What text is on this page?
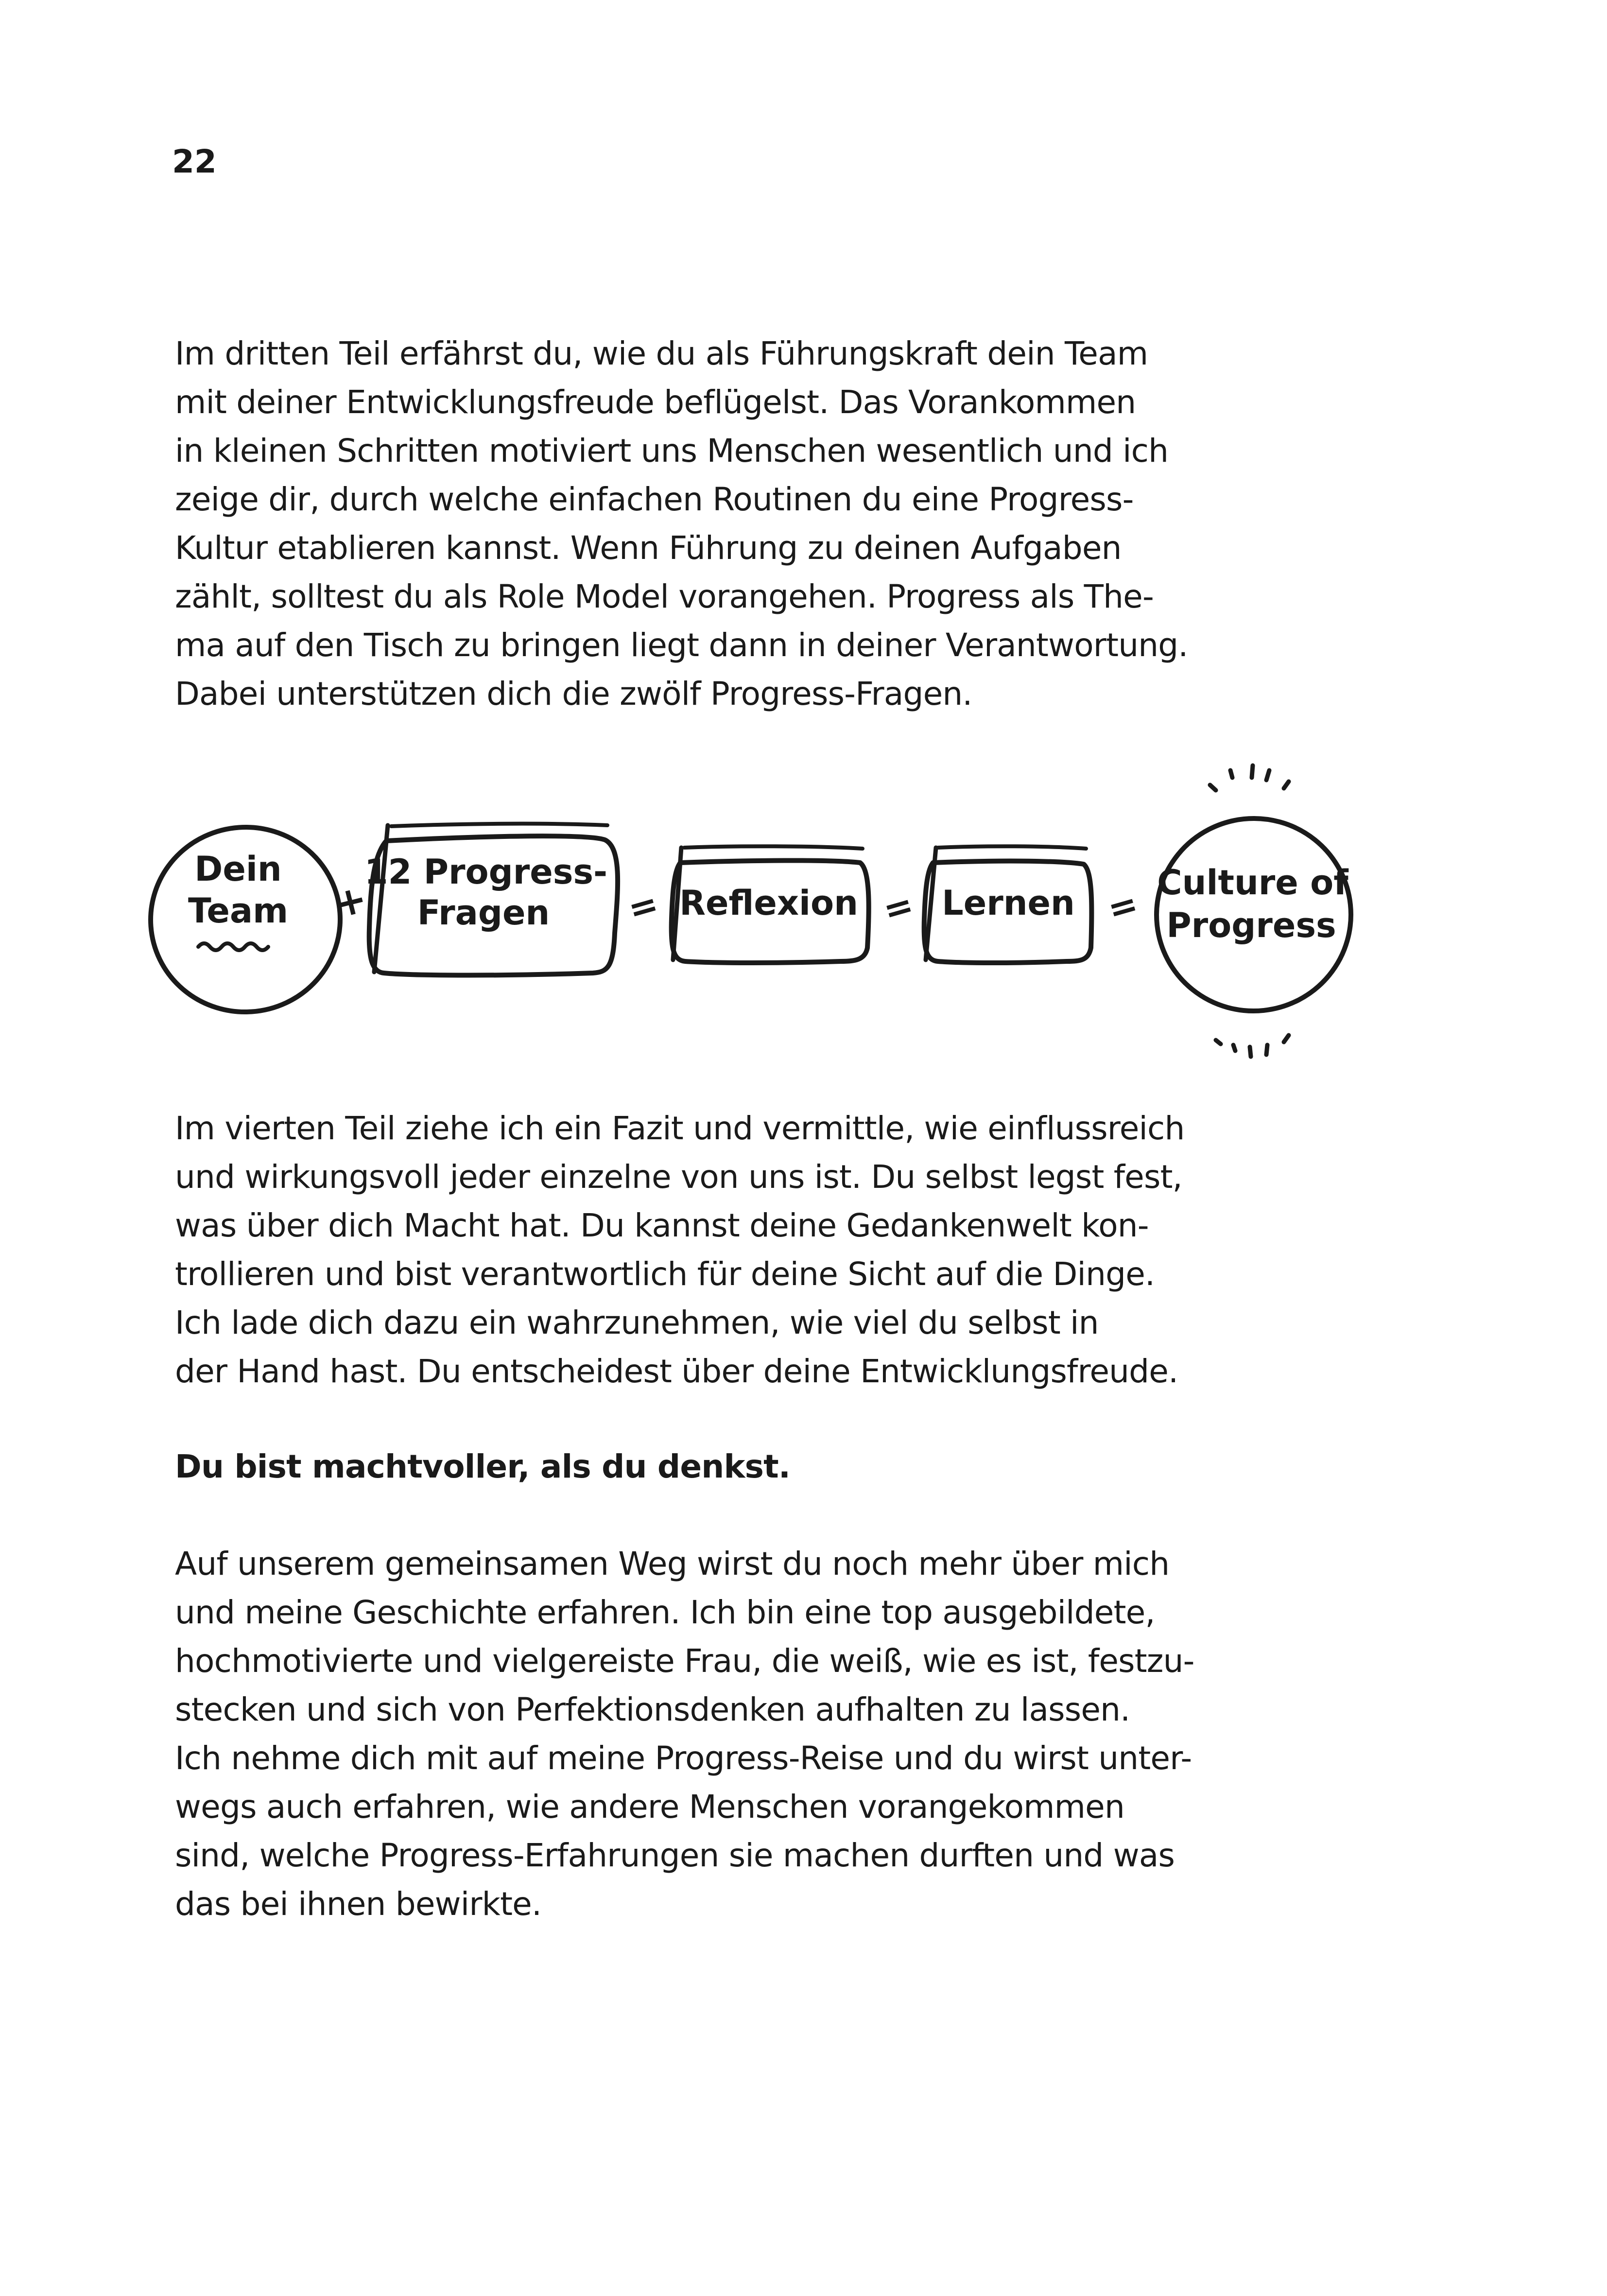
22

Im dritten Teil erfährst du, wie du als Führungskraft dein Team
mit deiner Entwicklungsfreude beflügelst. Das Vorankommen
in kleinen Schritten motiviert uns Menschen wesentlich und ich
zeige dir, durch welche einfachen Routinen du eine Progress-
Kultur etablieren kannst. Wenn Führung zu deinen Aufgaben
zählt, solltest du als Role Model vorangehen. Progress als The-
ma auf den Tisch zu bringen liegt dann in deiner Verantwortung.
Dabei unterstützen dich die zwölf Progress-Fragen.

Dein
Team +
12 Progress-
Fragen = Reflexion = Lernen =
Culture of
Progress

Im vierten Teil ziehe ich ein Fazit und vermittle, wie einflussreich
und wirkungsvoll jeder einzelne von uns ist. Du selbst legst fest,
was über dich Macht hat. Du kannst deine Gedankenwelt kon-
trollieren und bist verantwortlich für deine Sicht auf die Dinge.
Ich lade dich dazu ein wahrzunehmen, wie viel du selbst in
der Hand hast. Du entscheidest über deine Entwicklungsfreude.

Du bist machtvoller, als du denkst.

Auf unserem gemeinsamen Weg wirst du noch mehr über mich
und meine Geschichte erfahren. Ich bin eine top ausgebildete,
hochmotivierte und vielgereiste Frau, die weiß, wie es ist, festzu-
stecken und sich von Perfektionsdenken aufhalten zu lassen.
Ich nehme dich mit auf meine Progress-Reise und du wirst unter-
wegs auch erfahren, wie andere Menschen vorangekommen
sind, welche Progress-Erfahrungen sie machen durften und was
das bei ihnen bewirkte.
